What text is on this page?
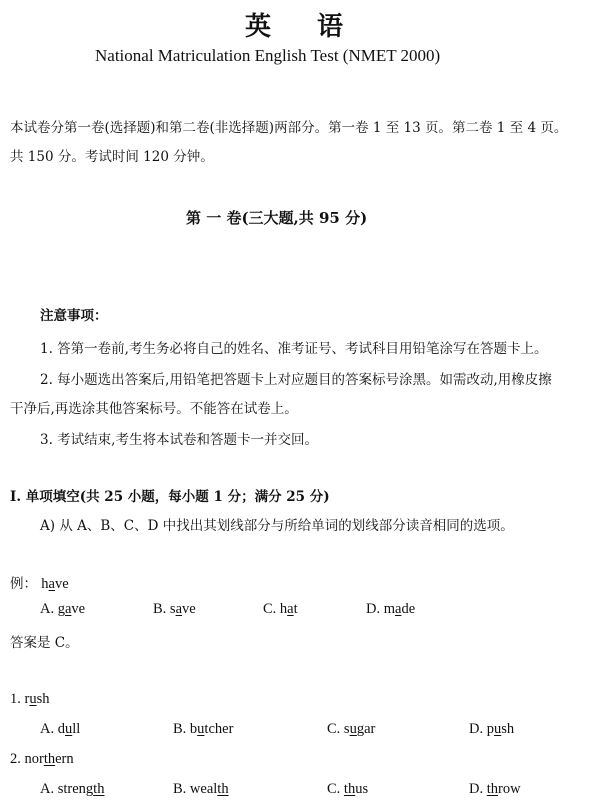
英 语
National Matriculation English Test (NMET 2000)
本试卷分第一卷(选择题)和第二卷(非选择题)两部分。第一卷 1 至 13 页。第二卷 1 至 4 页。
共 150 分。考试时间 120 分钟。
第 一 卷(三大题,共 95 分)
注意事项：
1. 答第一卷前,考生务必将自己的姓名、准考证号、考试科目用铅笔涂写在答题卡上。
2. 每小题选出答案后,用铅笔把答题卡上对应题目的答案标号涂黑。如需改动,用橡皮擦
干净后,再选涂其他答案标号。不能答在试卷上。
3. 考试结束,考生将本试卷和答题卡一并交回。
I. 单项填空(共 25 小题，每小题 1 分；满分 25 分)
A) 从 A、B、C、D 中找出其划线部分与所给单词的划线部分读音相同的选项。
例： have
A. gave	B. save	C. hat	D. made
答案是 C。
1. rush
A. dull	B. butcher	C. sugar	D. push
2. northern
A. strength	B. wealth	C. thus	D. throw
